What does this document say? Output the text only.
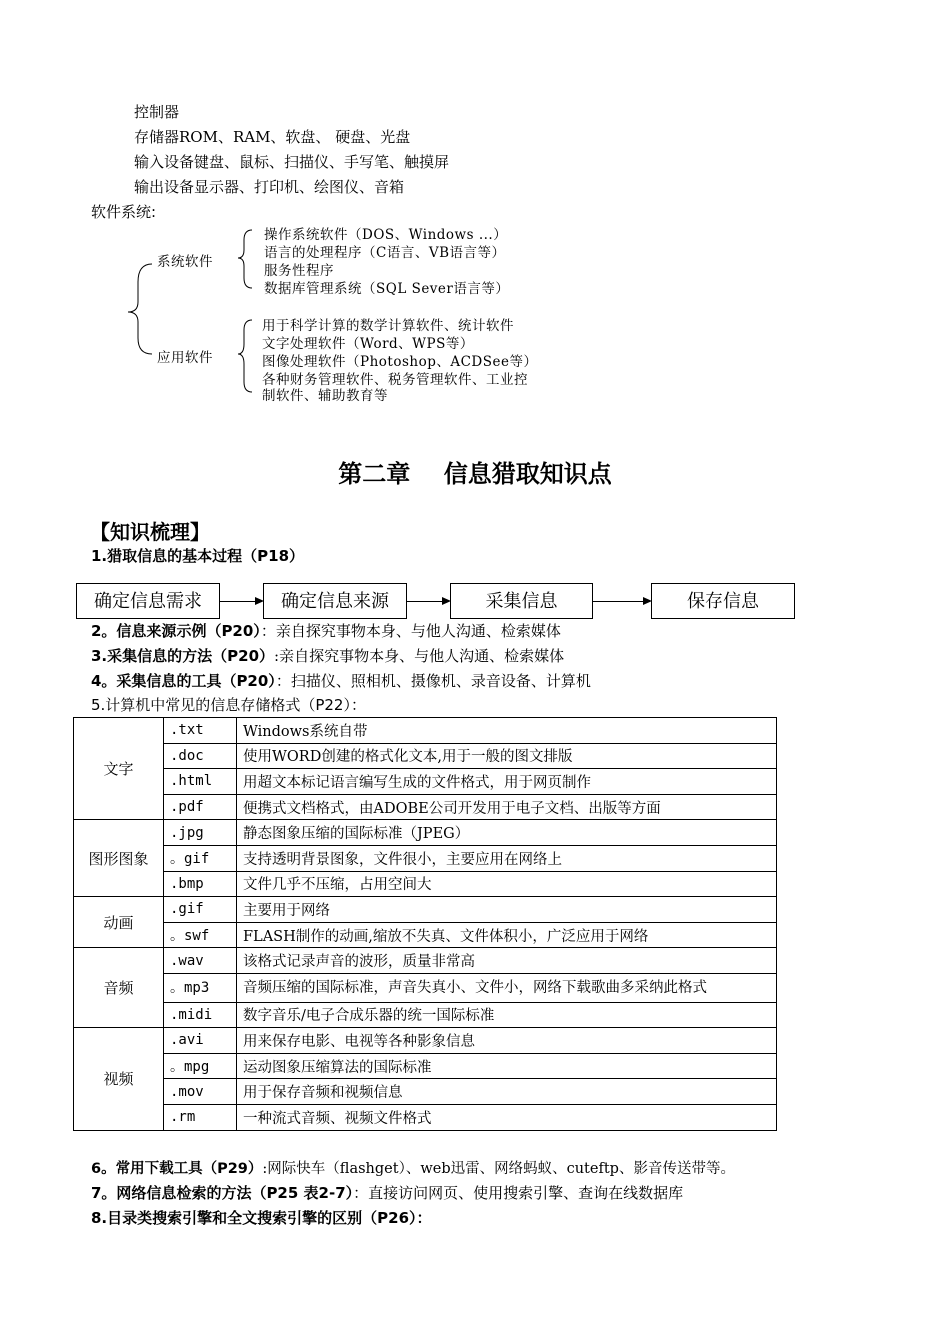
控制器
存储器ROM、RAM、软盘、 硬盘、光盘
输入设备键盘、鼠标、扫描仪、手写笔、触摸屏
输出设备显示器、打印机、绘图仪、音箱
软件系统:
系统软件
操作系统软件（DOS、Windows ...）
语言的处理程序（C语言、VB语言等）
服务性程序
数据库管理系统（SQL Sever语言等）
应用软件
用于科学计算的数学计算软件、统计软件
文字处理软件（Word、WPS等）
图像处理软件（Photoshop、ACDSee等）
各种财务管理软件、税务管理软件、工业控
制软件、辅助教育等
第二章    信息猎取知识点
【知识梳理】
1.猎取信息的基本过程（P18）
确定信息需求	确定信息来源	采集信息	保存信息
2。信息来源示例（P20）：亲自探究事物本身、与他人沟通、检索媒体
3.采集信息的方法（P20）:亲自探究事物本身、与他人沟通、检索媒体
4。采集信息的工具（P20）：扫描仪、照相机、摄像机、录音设备、计算机
5.计算机中常见的信息存储格式（P22）：
文字	.txt	Windows系统自带
	.doc	使用WORD创建的格式化文本,用于一般的图文排版
	.html	用超文本标记语言编写生成的文件格式，用于网页制作
	.pdf	便携式文档格式，由ADOBE公司开发用于电子文档、出版等方面
图形图象	.jpg	静态图象压缩的国际标准（JPEG）
	。gif	支持透明背景图象，文件很小，主要应用在网络上
	.bmp	文件几乎不压缩，占用空间大
动画	.gif	主要用于网络
	。swf	FLASH制作的动画,缩放不失真、文件体积小，广泛应用于网络
音频	.wav	该格式记录声音的波形，质量非常高
	。mp3	音频压缩的国际标准，声音失真小、文件小，网络下载歌曲多采纳此格式
	.midi	数字音乐/电子合成乐器的统一国际标准
视频	.avi	用来保存电影、电视等各种影象信息
	。mpg	运动图象压缩算法的国际标准
	.mov	用于保存音频和视频信息
	.rm	一种流式音频、视频文件格式
6。常用下载工具（P29）:网际快车（flashget）、web迅雷、网络蚂蚁、cuteftp、影音传送带等。
7。网络信息检索的方法（P25 表2-7）：直接访问网页、使用搜索引擎、查询在线数据库
8.目录类搜索引擎和全文搜索引擎的区别（P26）：
